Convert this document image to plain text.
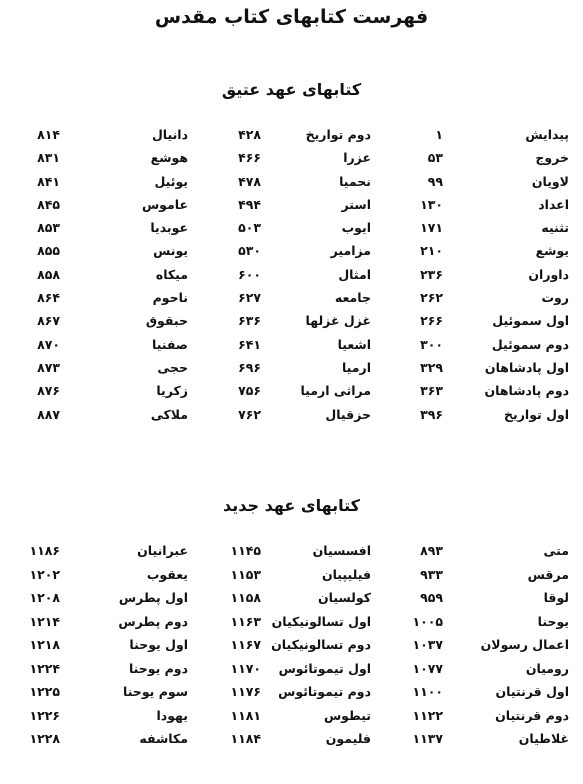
فهرست کتابهای کتاب مقدس
کتابهای عهد عتیق
پیدایش
۱
دوم تواریخ
۴۲۸
دانیال
۸۱۴
خروج
۵۳
عزرا
۴۶۶
هوشع
۸۳۱
لاویان
۹۹
نحمیا
۴۷۸
یوئیل
۸۴۱
اعداد
۱۳۰
استر
۴۹۴
عاموس
۸۴۵
تثنیه
۱۷۱
ایوب
۵۰۳
عوبدیا
۸۵۳
یوشع
۲۱۰
مزامیر
۵۳۰
یونس
۸۵۵
داوران
۲۳۶
امثال
۶۰۰
میکاه
۸۵۸
روت
۲۶۲
جامعه
۶۲۷
ناحوم
۸۶۴
اول سموئیل
۲۶۶
غزل غزلها
۶۳۶
حبقوق
۸۶۷
دوم سموئیل
۳۰۰
اشعیا
۶۴۱
صفنیا
۸۷۰
اول پادشاهان
۳۲۹
ارمیا
۶۹۶
حجی
۸۷۳
دوم پادشاهان
۳۶۳
مراثی ارمیا
۷۵۶
زکریا
۸۷۶
اول تواریخ
۳۹۶
حزقیال
۷۶۲
ملاکی
۸۸۷
کتابهای عهد جدید
متی
۸۹۳
افسسیان
۱۱۴۵
عبرانیان
۱۱۸۶
مرقس
۹۳۳
فیلیپیان
۱۱۵۳
یعقوب
۱۲۰۲
لوقا
۹۵۹
کولسیان
۱۱۵۸
اول پطرس
۱۲۰۸
یوحنا
۱۰۰۵
اول تسالونیکیان
۱۱۶۳
دوم پطرس
۱۲۱۴
اعمال رسولان
۱۰۳۷
دوم تسالونیکیان
۱۱۶۷
اول یوحنا
۱۲۱۸
رومیان
۱۰۷۷
اول تیموتائوس
۱۱۷۰
دوم یوحنا
۱۲۲۴
اول قرنتیان
۱۱۰۰
دوم تیموتائوس
۱۱۷۶
سوم یوحنا
۱۲۲۵
دوم قرنتیان
۱۱۲۲
تیطوس
۱۱۸۱
یهودا
۱۲۲۶
غلاطیان
۱۱۳۷
فلیمون
۱۱۸۴
مکاشفه
۱۲۲۸
